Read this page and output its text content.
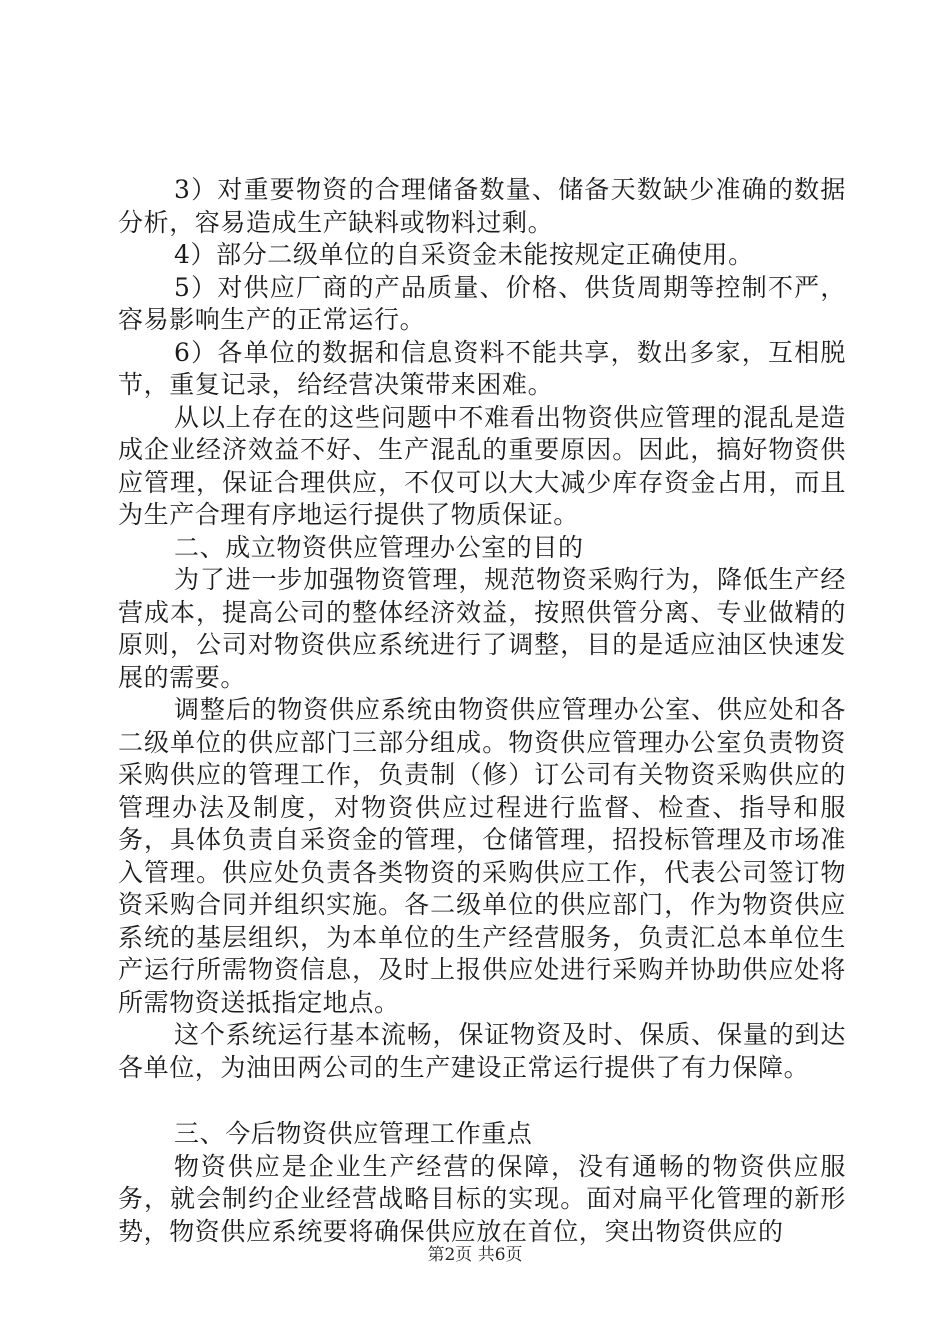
3）对重要物资的合理储备数量、储备天数缺少准确的数据分析，容易造成生产缺料或物料过剩。

4）部分二级单位的自采资金未能按规定正确使用。

5）对供应厂商的产品质量、价格、供货周期等控制不严，容易影响生产的正常运行。

6）各单位的数据和信息资料不能共享，数出多家，互相脱节，重复记录，给经营决策带来困难。

从以上存在的这些问题中不难看出物资供应管理的混乱是造成企业经济效益不好、生产混乱的重要原因。因此，搞好物资供应管理，保证合理供应，不仅可以大大减少库存资金占用，而且为生产合理有序地运行提供了物质保证。

二、成立物资供应管理办公室的目的

为了进一步加强物资管理，规范物资采购行为，降低生产经营成本，提高公司的整体经济效益，按照供管分离、专业做精的原则，公司对物资供应系统进行了调整，目的是适应油区快速发展的需要。

调整后的物资供应系统由物资供应管理办公室、供应处和各二级单位的供应部门三部分组成。物资供应管理办公室负责物资采购供应的管理工作，负责制（修）订公司有关物资采购供应的管理办法及制度，对物资供应过程进行监督、检查、指导和服务，具体负责自采资金的管理，仓储管理，招投标管理及市场准入管理。供应处负责各类物资的采购供应工作，代表公司签订物资采购合同并组织实施。各二级单位的供应部门，作为物资供应系统的基层组织，为本单位的生产经营服务，负责汇总本单位生产运行所需物资信息，及时上报供应处进行采购并协助供应处将所需物资送抵指定地点。

这个系统运行基本流畅，保证物资及时、保质、保量的到达各单位，为油田两公司的生产建设正常运行提供了有力保障。

三、今后物资供应管理工作重点

物资供应是企业生产经营的保障，没有通畅的物资供应服务，就会制约企业经营战略目标的实现。面对扁平化管理的新形势，物资供应系统要将确保供应放在首位，突出物资供应的

第2页 共6页
